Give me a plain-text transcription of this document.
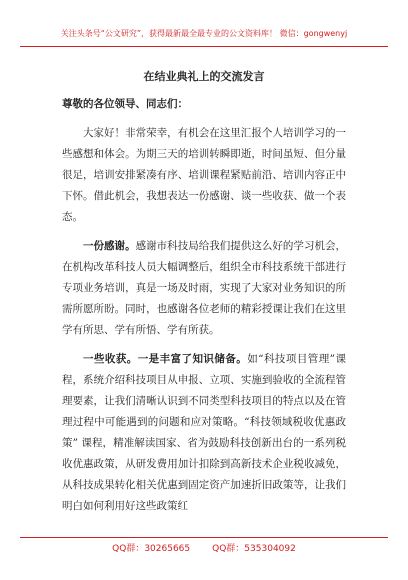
关注头条号“公文研究”，获得最新最全最专业的公文资料库！ 微信：gongwenyj
在结业典礼上的交流发言

尊敬的各位领导、同志们：

大家好！非常荣幸，有机会在这里汇报个人培训学习的一些感想和体会。为期三天的培训转瞬即逝，时间虽短、但分量很足，培训安排紧凑有序、培训课程紧贴前沿、培训内容正中下怀。借此机会，我想表达一份感谢、谈一些收获、做一个表态。

一份感谢。感谢市科技局给我们提供这么好的学习机会，在机构改革科技人员大幅调整后，组织全市科技系统干部进行专项业务培训，真是一场及时雨，实现了大家对业务知识的所需所愿所盼。同时，也感谢各位老师的精彩授课让我们在这里学有所思、学有所悟、学有所获。

一些收获。一是丰富了知识储备。如“科技项目管理”课程，系统介绍科技项目从申报、立项、实施到验收的全流程管理要素，让我们清晰认识到不同类型科技项目的特点以及在管理过程中可能遇到的问题和应对策略。“科技领域税收优惠政策” 课程，精准解读国家、省为鼓励科技创新出台的一系列税收优惠政策，从研发费用加计扣除到高新技术企业税收减免，从科技成果转化相关优惠到固定资产加速折旧政策等，让我们明白如何利用好这些政策红

QQ群：30265665 QQ群：535304092
